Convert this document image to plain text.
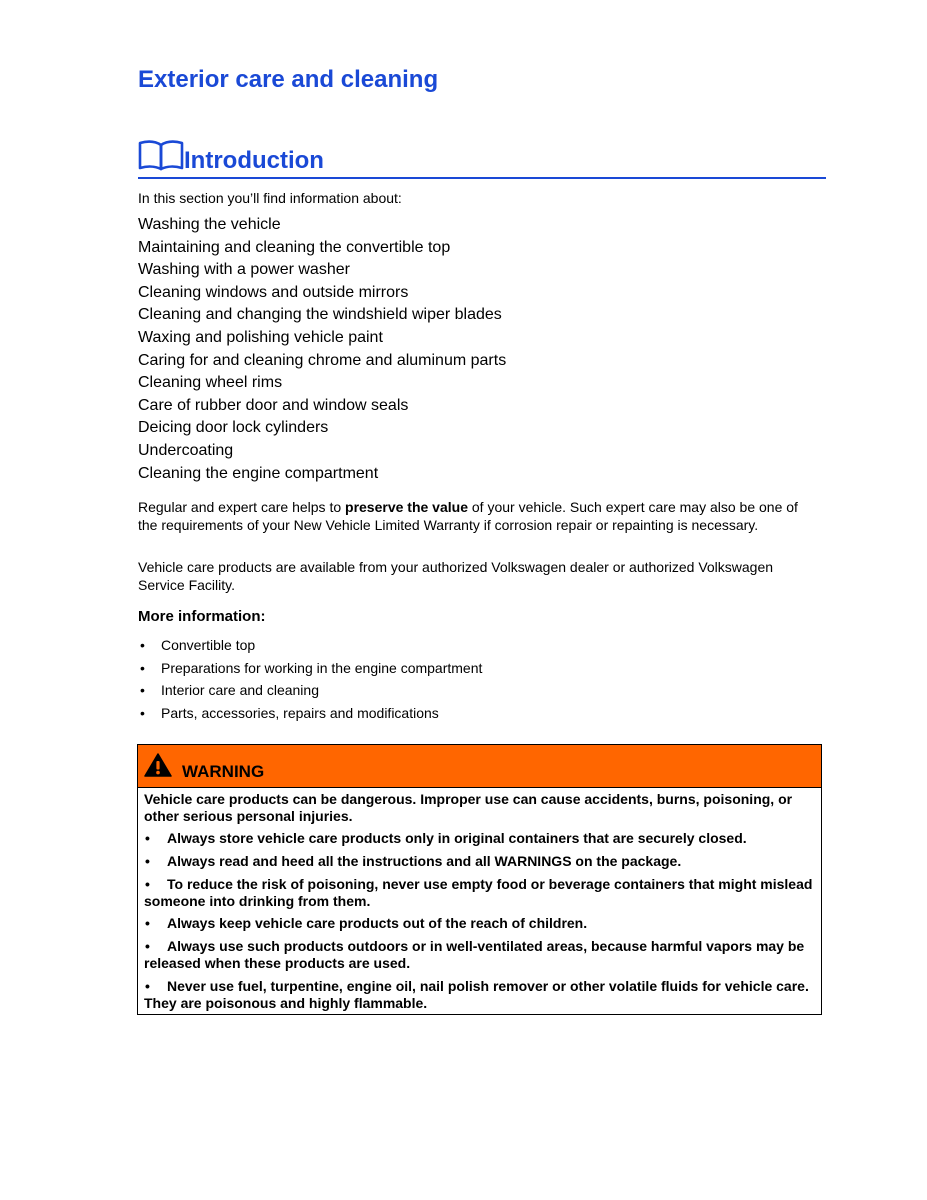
Exterior care and cleaning
Introduction
In this section you’ll find information about:
Washing the vehicle
Maintaining and cleaning the convertible top
Washing with a power washer
Cleaning windows and outside mirrors
Cleaning and changing the windshield wiper blades
Waxing and polishing vehicle paint
Caring for and cleaning chrome and aluminum parts
Cleaning wheel rims
Care of rubber door and window seals
Deicing door lock cylinders
Undercoating
Cleaning the engine compartment

Regular and expert care helps to preserve the value of your vehicle. Such expert care may also be one of the requirements of your New Vehicle Limited Warranty if corrosion repair or repainting is necessary.

Vehicle care products are available from your authorized Volkswagen dealer or authorized Volkswagen Service Facility.

More information:
• Convertible top
• Preparations for working in the engine compartment
• Interior care and cleaning
• Parts, accessories, repairs and modifications
WARNING

Vehicle care products can be dangerous. Improper use can cause accidents, burns, poisoning, or other serious personal injuries.

• Always store vehicle care products only in original containers that are securely closed.
• Always read and heed all the instructions and all WARNINGS on the package.
• To reduce the risk of poisoning, never use empty food or beverage containers that might mislead someone into drinking from them.
• Always keep vehicle care products out of the reach of children.
• Always use such products outdoors or in well-ventilated areas, because harmful vapors may be released when these products are used.
• Never use fuel, turpentine, engine oil, nail polish remover or other volatile fluids for vehicle care. They are poisonous and highly flammable.
